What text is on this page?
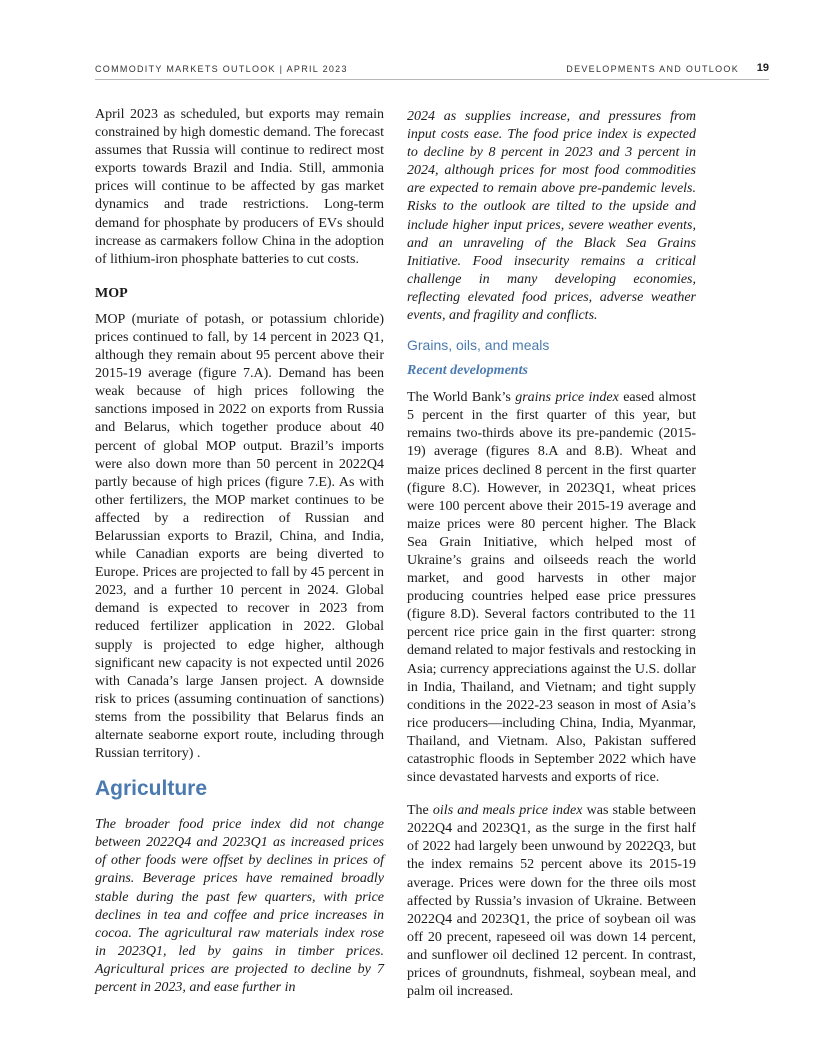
COMMODITY MARKETS OUTLOOK | APRIL 2023	DEVELOPMENTS AND OUTLOOK 19

April 2023 as scheduled, but exports may remain constrained by high domestic demand. The forecast assumes that Russia will continue to redirect most exports towards Brazil and India. Still, ammonia prices will continue to be affected by gas market dynamics and trade restrictions. Long-term demand for phosphate by producers of EVs should increase as carmakers follow China in the adoption of lithium-iron phosphate batteries to cut costs.

MOP

MOP (muriate of potash, or potassium chloride) prices continued to fall, by 14 percent in 2023 Q1, although they remain about 95 percent above their 2015-19 average (figure 7.A). Demand has been weak because of high prices following the sanctions imposed in 2022 on exports from Russia and Belarus, which together produce about 40 percent of global MOP output. Brazil’s imports were also down more than 50 percent in 2022Q4 partly because of high prices (figure 7.E). As with other fertilizers, the MOP market continues to be affected by a redirection of Russian and Belarussian exports to Brazil, China, and India, while Canadian exports are being diverted to Europe. Prices are projected to fall by 45 percent in 2023, and a further 10 percent in 2024. Global demand is expected to recover in 2023 from reduced fertilizer application in 2022. Global supply is projected to edge higher, although significant new capacity is not expected until 2026 with Canada’s large Jansen project. A downside risk to prices (assuming continuation of sanctions) stems from the possibility that Belarus finds an alternate seaborne export route, including through Russian territory) .

Agriculture

The broader food price index did not change between 2022Q4 and 2023Q1 as increased prices of other foods were offset by declines in prices of grains. Beverage prices have remained broadly stable during the past few quarters, with price declines in tea and coffee and price increases in cocoa. The agricultural raw materials index rose in 2023Q1, led by gains in timber prices. Agricultural prices are projected to decline by 7 percent in 2023, and ease further in

2024 as supplies increase, and pressures from input costs ease. The food price index is expected to decline by 8 percent in 2023 and 3 percent in 2024, although prices for most food commodities are expected to remain above pre-pandemic levels. Risks to the outlook are tilted to the upside and include higher input prices, severe weather events, and an unraveling of the Black Sea Grains Initiative. Food insecurity remains a critical challenge in many developing economies, reflecting elevated food prices, adverse weather events, and fragility and conflicts.

Grains, oils, and meals
Recent developments

The World Bank’s grains price index eased almost 5 percent in the first quarter of this year, but remains two-thirds above its pre-pandemic (2015-19) average (figures 8.A and 8.B). Wheat and maize prices declined 8 percent in the first quarter (figure 8.C). However, in 2023Q1, wheat prices were 100 percent above their 2015-19 average and maize prices were 80 percent higher. The Black Sea Grain Initiative, which helped most of Ukraine’s grains and oilseeds reach the world market, and good harvests in other major producing countries helped ease price pressures (figure 8.D). Several factors contributed to the 11 percent rice price gain in the first quarter: strong demand related to major festivals and restocking in Asia; currency appreciations against the U.S. dollar in India, Thailand, and Vietnam; and tight supply conditions in the 2022-23 season in most of Asia’s rice producers—including China, India, Myanmar, Thailand, and Vietnam. Also, Pakistan suffered catastrophic floods in September 2022 which have since devastated harvests and exports of rice.

The oils and meals price index was stable between 2022Q4 and 2023Q1, as the surge in the first half of 2022 had largely been unwound by 2022Q3, but the index remains 52 percent above its 2015-19 average. Prices were down for the three oils most affected by Russia’s invasion of Ukraine. Between 2022Q4 and 2023Q1, the price of soybean oil was off 20 precent, rapeseed oil was down 14 percent, and sunflower oil declined 12 percent. In contrast, prices of groundnuts, fishmeal, soybean meal, and palm oil increased.
